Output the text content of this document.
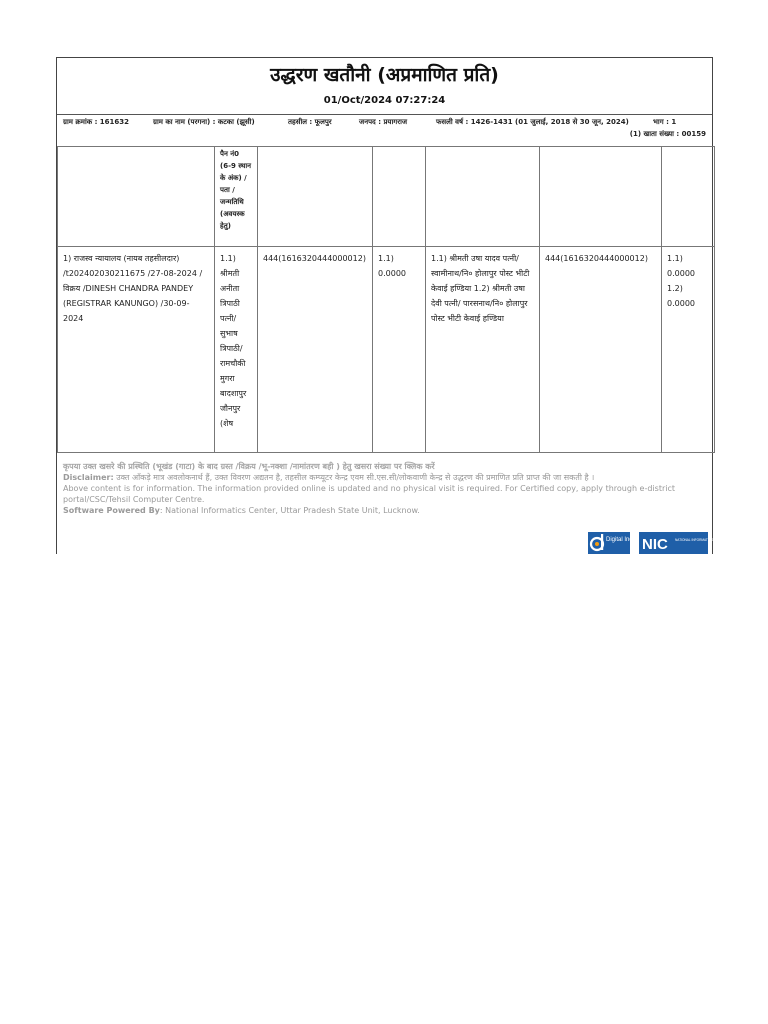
उद्धरण खतौनी (अप्रमाणित प्रति)
01/Oct/2024 07:27:24
ग्राम क्रमांक : 161632	ग्राम का नाम (परगना) : कटका (झूसी)	तहसील : फूलपुर	जनपद : प्रयागराज	फसली वर्ष : 1426-1431 (01 जुलाई, 2018 से 30 जून, 2024)	भाग : 1
(1) खाता संख्या : 00159
	पैन नं0 (6-9 स्थान के अंक) / पता / जन्मतिथि (अवयस्क हेतु)					
1) राजस्व न्यायालय (नायब तहसीलदार) /t202402030211675 /27-08-2024 / विक्रय /DINESH CHANDRA PANDEY (REGISTRAR KANUNGO) /30-09-2024	1.1) श्रीमती अनीता त्रिपाठी पत्नी/ सुभाष त्रिपाठी/ रामचौकी मुगरा बादशापुर जौनपुर (शेष	444(1616320444000012)	1.1) 0.0000	1.1) श्रीमती उषा यादव पत्नी/ स्वामीनाथ/नि० होलापुर पोस्ट भीटी केवाई हण्डिया 1.2) श्रीमती उषा देवी पत्नी/ पारसनाथ/नि० होलापुर पोस्ट भीटी केवाई हण्डिया	444(1616320444000012)	1.1) 0.0000 1.2) 0.0000
कृपया उक्त खसरे की प्रस्थिति (भूखंड (गाटा) के बाद ग्रस्त /विक्रय /भू-नक्शा /नामांतरण बही ) हेतु खसरा संख्या पर क्लिक करें
Disclaimer: उक्त आँकड़े मात्र अवलोकनार्थ हैं, उक्त विवरण अद्यतन है, तहसील कम्प्यूटर केन्द्र एवम सी.एस.सी/लोकवाणी केन्द्र से उद्धरण की प्रमाणित प्रति प्राप्त की जा सकती है ।
Above content is for information. The information provided online is updated and no physical visit is required. For Certified copy, apply through e-district portal/CSC/Tehsil Computer Centre.
Software Powered By: National Informatics Center, Uttar Pradesh State Unit, Lucknow.
Digital India NIC NATIONAL INFORMATICS CENTRE
